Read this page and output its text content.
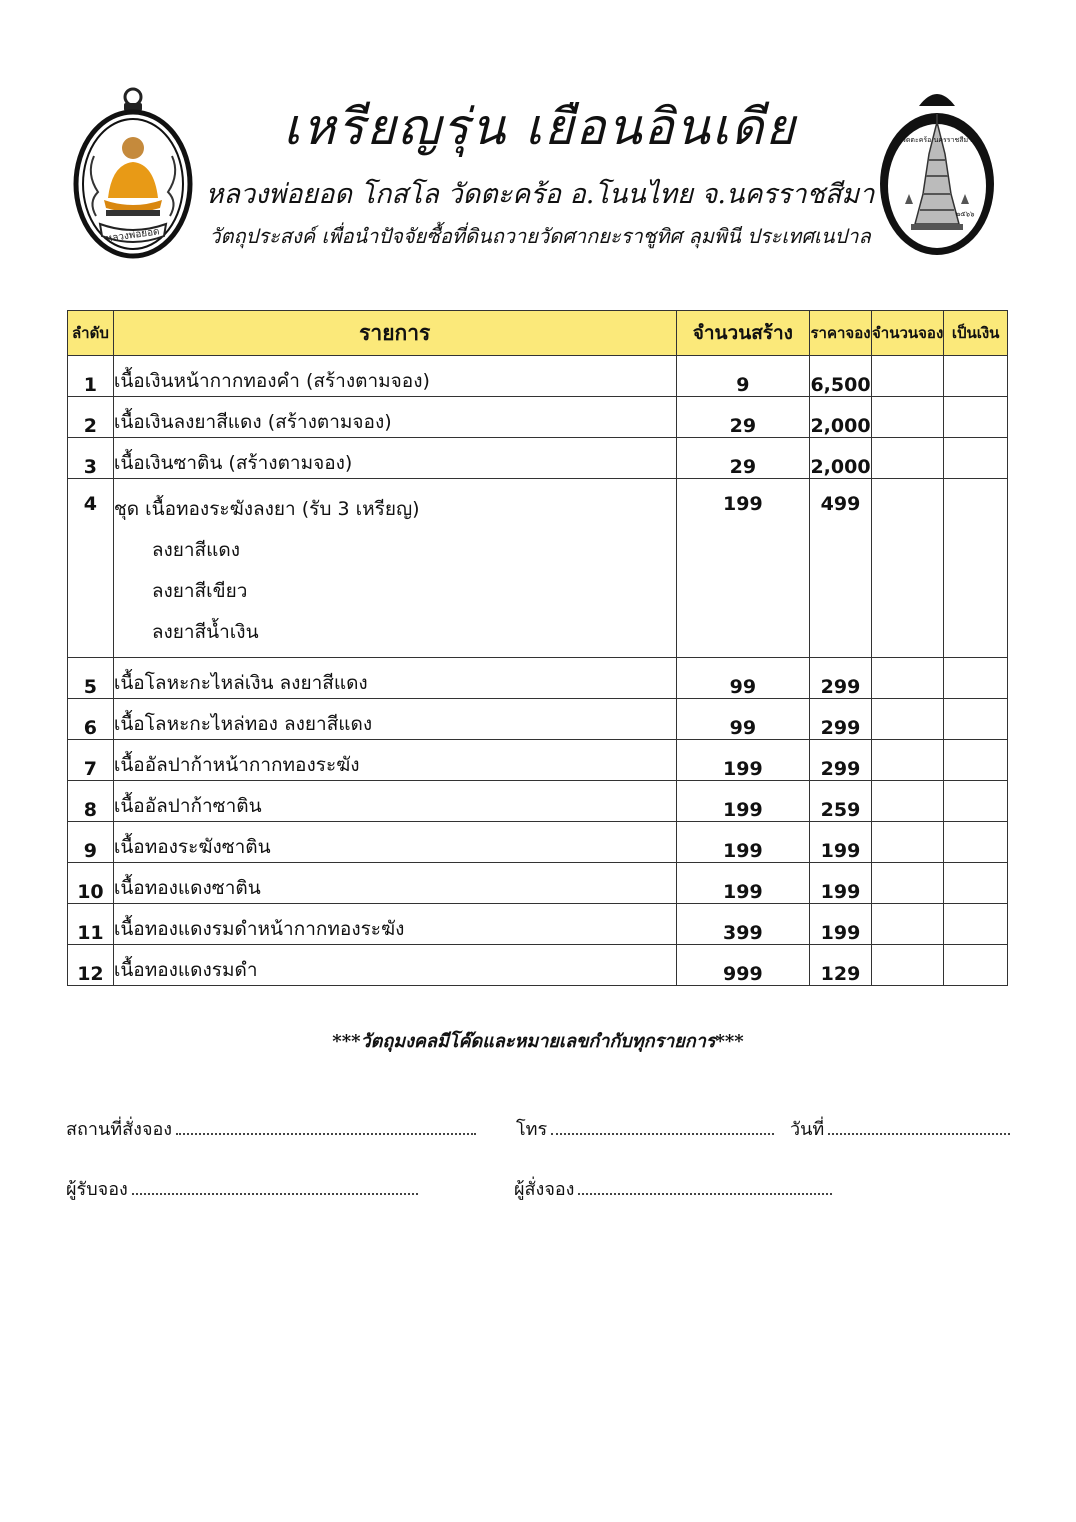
หลวงพ่อยอด
วัดตะคร้อ นครราชสีมา
๒๕๖๖
เหรียญรุ่น เยือนอินเดีย
หลวงพ่อยอด โกสโล วัดตะคร้อ อ.โนนไทย จ.นครราชสีมา
วัตถุประสงค์ เพื่อนำปัจจัยซื้อที่ดินถวายวัดศากยะราชูทิศ ลุมพินี ประเทศเนปาล
ลำดับ	รายการ	จำนวนสร้าง	ราคาจอง	จำนวนจอง	เป็นเงิน
1	เนื้อเงินหน้ากากทองคำ (สร้างตามจอง)	9	6,500		
2	เนื้อเงินลงยาสีแดง (สร้างตามจอง)	29	2,000		
3	เนื้อเงินซาติน (สร้างตามจอง)	29	2,000		
4	ชุด เนื้อทองระฆังลงยา (รับ 3 เหรียญ)
ลงยาสีแดง
ลงยาสีเขียว
ลงยาสีน้ำเงิน	199	499		
5	เนื้อโลหะกะไหล่เงิน ลงยาสีแดง	99	299		
6	เนื้อโลหะกะไหล่ทอง ลงยาสีแดง	99	299		
7	เนื้ออัลปาก้าหน้ากากทองระฆัง	199	299		
8	เนื้ออัลปาก้าซาติน	199	259		
9	เนื้อทองระฆังซาติน	199	199		
10	เนื้อทองแดงซาติน	199	199		
11	เนื้อทองแดงรมดำหน้ากากทองระฆัง	399	199		
12	เนื้อทองแดงรมดำ	999	129		
***วัตถุมงคลมีโค๊ดและหมายเลขกำกับทุกรายการ***
สถานที่สั่งจอง	โทร	วันที่
ผู้รับจอง	ผู้สั่งจอง
